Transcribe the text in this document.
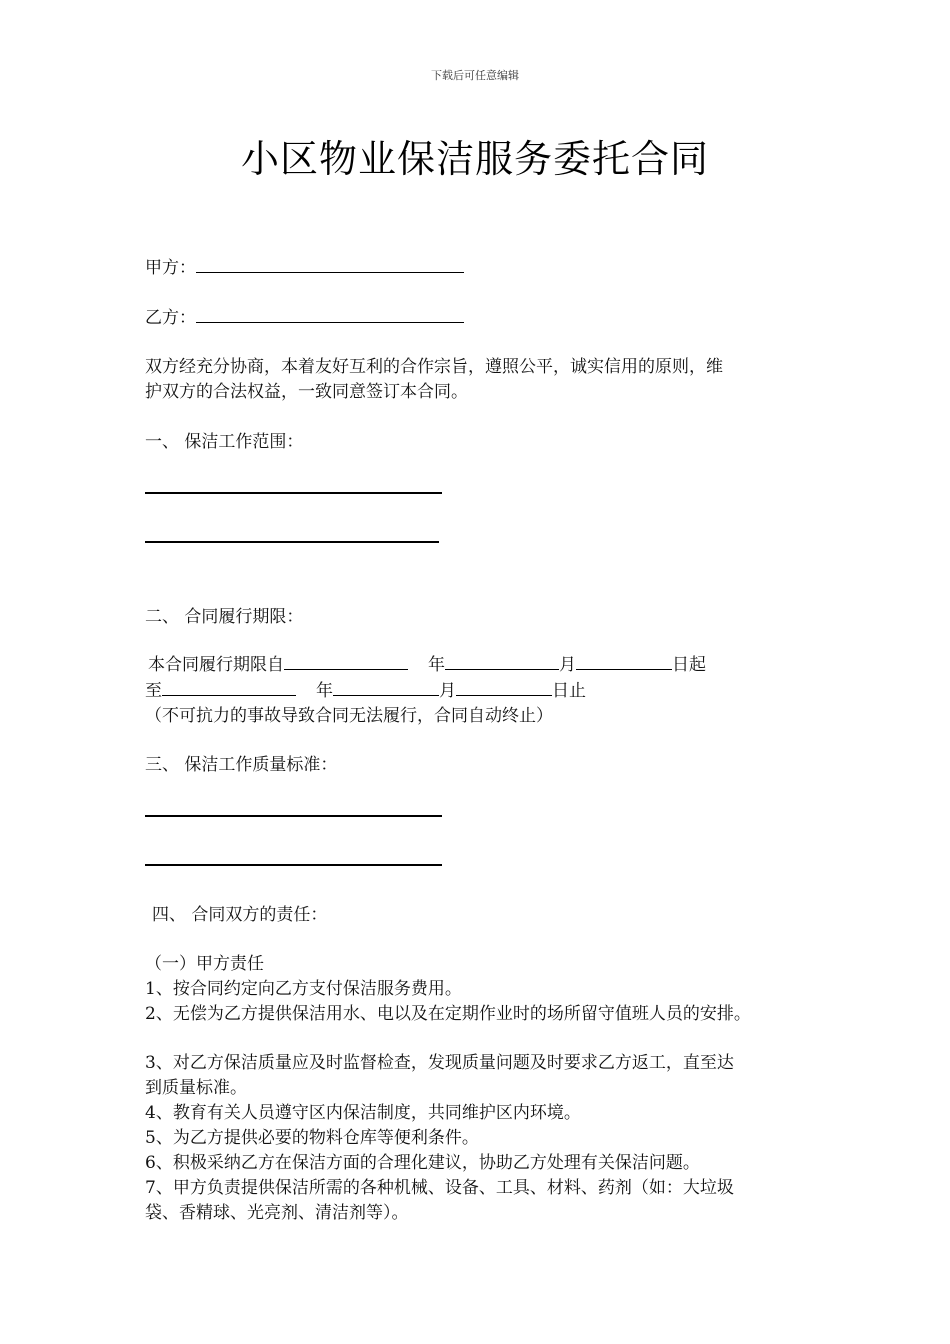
下载后可任意编辑
小区物业保洁服务委托合同
甲方：
乙方：
双方经充分协商，本着友好互利的合作宗旨，遵照公平，诚实信用的原则，维
护双方的合法权益，一致同意签订本合同。
一、 保洁工作范围：
二、 合同履行期限：
本合同履行期限自	年	月	日起
至	年	月	日止
（不可抗力的事故导致合同无法履行，合同自动终止）
三、 保洁工作质量标准：
四、 合同双方的责任：
（一）甲方责任
1、按合同约定向乙方支付保洁服务费用。
2、无偿为乙方提供保洁用水、电以及在定期作业时的场所留守值班人员的安排。
3、对乙方保洁质量应及时监督检查，发现质量问题及时要求乙方返工，直至达
到质量标准。
4、教育有关人员遵守区内保洁制度，共同维护区内环境。
5、为乙方提供必要的物料仓库等便利条件。
6、积极采纳乙方在保洁方面的合理化建议，协助乙方处理有关保洁问题。
7、甲方负责提供保洁所需的各种机械、设备、工具、材料、药剂（如：大垃圾
袋、香精球、光亮剂、清洁剂等）。
